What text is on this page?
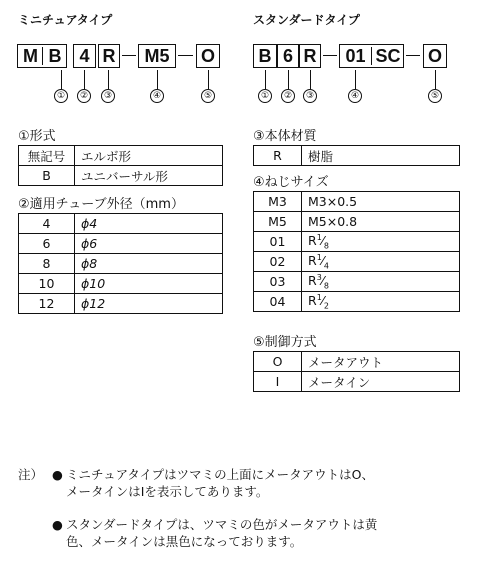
ミニチュアタイプ	スタンダードタイプ
M B 4 R	M5	O
①	②	③	④	⑤
B 6 R	01 SC O
①	②	③	④	⑤
①形式
無記号	エルボ形
B	ユニバーサル形
②適用チューブ外径（mm）
4	ϕ4
6	ϕ6
8	ϕ8
10	ϕ10
12	ϕ12
③本体材質
R	樹脂
④ねじサイズ
M3	M3×0.5
M5	M5×0.8
01	$R^1⁄_8$
02	$R^1⁄_4$
03	$R^3⁄_8$
04	$R^1⁄_2$
⑤制御方式
O	メータアウト
I	メータイン
注） ● ミニチュアタイプはツマミの上面にメータアウトはO、
メータインはIを表示してあります。
● スタンダードタイプは、ツマミの色がメータアウトは黄
色、メータインは黒色になっております。
